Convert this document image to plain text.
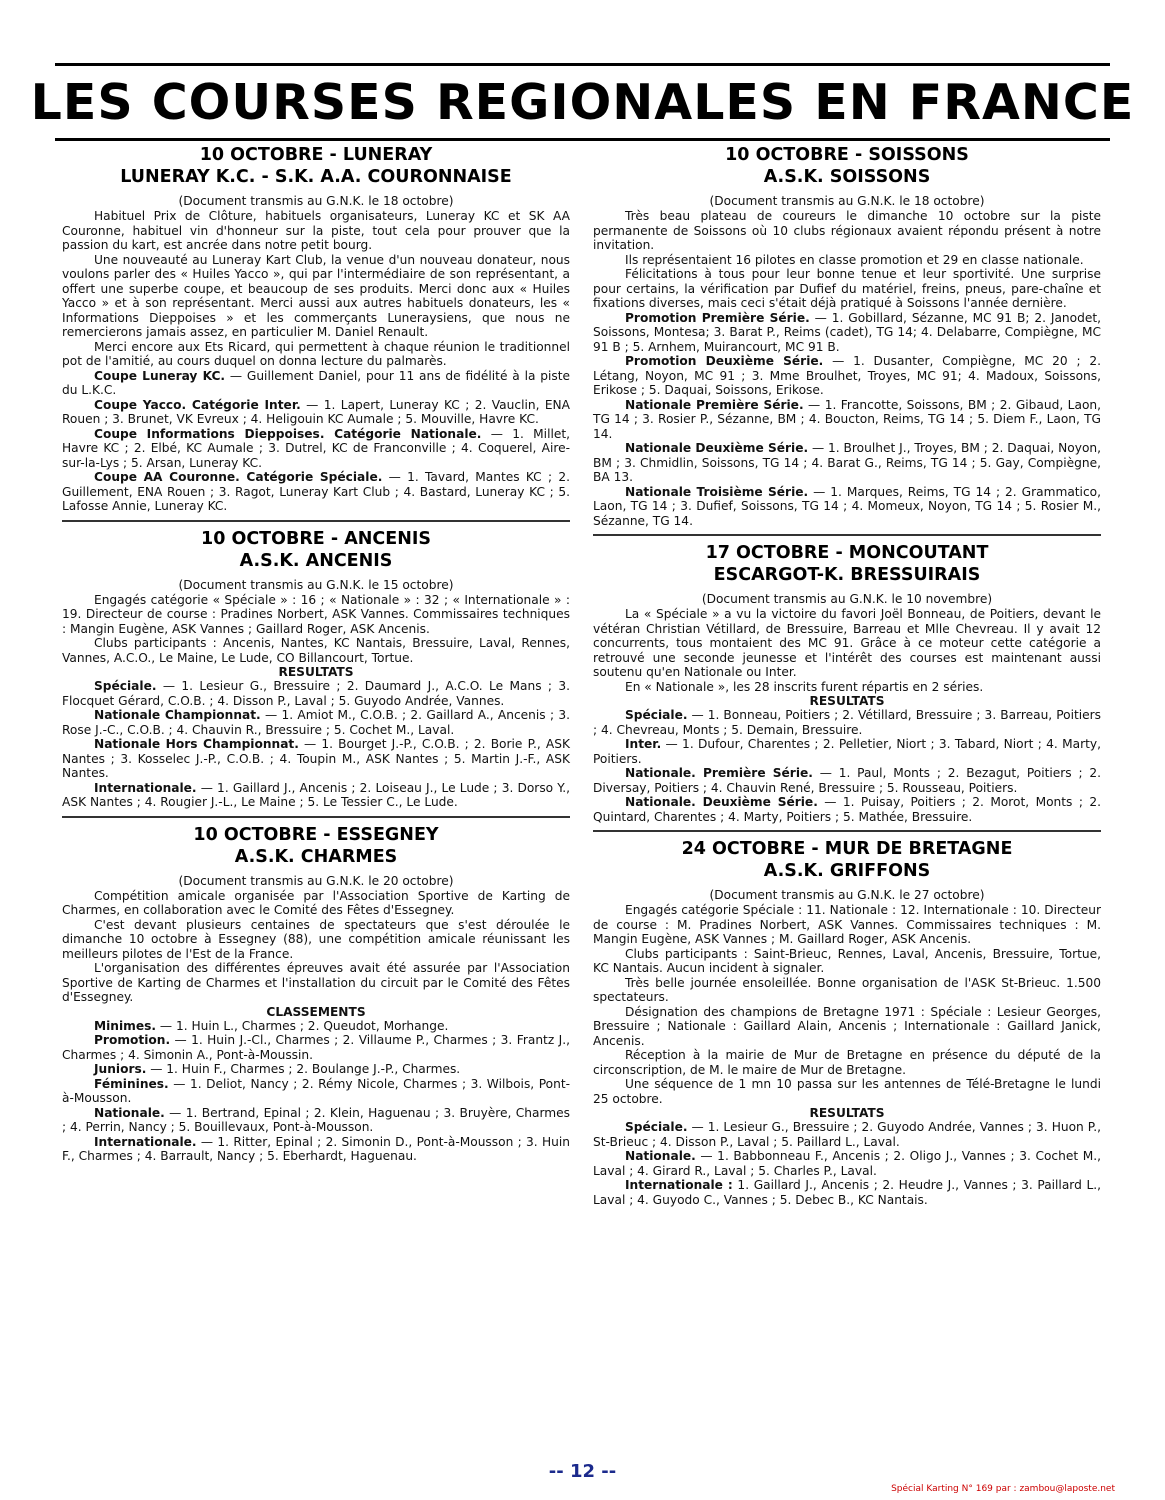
LES COURSES REGIONALES EN FRANCE
10 OCTOBRE - LUNERAY
LUNERAY K.C. - S.K. A.A. COURONNAISE
(Document transmis au G.N.K. le 18 octobre)

Habituel Prix de Clôture, habituels organisateurs, Luneray KC et SK AA Couronne, habituel vin d'honneur sur la piste, tout cela pour prouver que la passion du kart, est ancrée dans notre petit bourg.

Une nouveauté au Luneray Kart Club, la venue d'un nouveau donateur, nous voulons parler des « Huiles Yacco », qui par l'intermédiaire de son représentant, a offert une superbe coupe, et beaucoup de ses produits. Merci donc aux « Huiles Yacco » et à son représentant. Merci aussi aux autres habituels donateurs, les « Informations Dieppoises » et les commerçants Luneraysiens, que nous ne remercierons jamais assez, en particulier M. Daniel Renault.

Merci encore aux Ets Ricard, qui permettent à chaque réunion le traditionnel pot de l'amitié, au cours duquel on donna lecture du palmarès.

Coupe Luneray KC. — Guillement Daniel, pour 11 ans de fidélité à la piste du L.K.C.

Coupe Yacco. Catégorie Inter. — 1. Lapert, Luneray KC ; 2. Vauclin, ENA Rouen ; 3. Brunet, VK Evreux ; 4. Heligouin KC Aumale ; 5. Mouville, Havre KC.

Coupe Informations Dieppoises. Catégorie Nationale. — 1. Millet, Havre KC ; 2. Elbé, KC Aumale ; 3. Dutrel, KC de Franconville ; 4. Coquerel, Aire-sur-la-Lys ; 5. Arsan, Luneray KC.

Coupe AA Couronne. Catégorie Spéciale. — 1. Tavard, Mantes KC ; 2. Guillement, ENA Rouen ; 3. Ragot, Luneray Kart Club ; 4. Bastard, Luneray KC ; 5. Lafosse Annie, Luneray KC.

10 OCTOBRE - ANCENIS
A.S.K. ANCENIS
(Document transmis au G.N.K. le 15 octobre)

Engagés catégorie « Spéciale » : 16 ; « Nationale » : 32 ; « Internationale » : 19. Directeur de course : Pradines Norbert, ASK Vannes. Commissaires techniques : Mangin Eugène, ASK Vannes ; Gaillard Roger, ASK Ancenis.

Clubs participants : Ancenis, Nantes, KC Nantais, Bressuire, Laval, Rennes, Vannes, A.C.O., Le Maine, Le Lude, CO Billancourt, Tortue.

RESULTATS

Spéciale. — 1. Lesieur G., Bressuire ; 2. Daumard J., A.C.O. Le Mans ; 3. Flocquet Gérard, C.O.B. ; 4. Disson P., Laval ; 5. Guyodo Andrée, Vannes.

Nationale Championnat. — 1. Amiot M., C.O.B. ; 2. Gaillard A., Ancenis ; 3. Rose J.-C., C.O.B. ; 4. Chauvin R., Bressuire ; 5. Cochet M., Laval.

Nationale Hors Championnat. — 1. Bourget J.-P., C.O.B. ; 2. Borie P., ASK Nantes ; 3. Kosselec J.-P., C.O.B. ; 4. Toupin M., ASK Nantes ; 5. Martin J.-F., ASK Nantes.

Internationale. — 1. Gaillard J., Ancenis ; 2. Loiseau J., Le Lude ; 3. Dorso Y., ASK Nantes ; 4. Rougier J.-L., Le Maine ; 5. Le Tessier C., Le Lude.

10 OCTOBRE - ESSEGNEY
A.S.K. CHARMES
(Document transmis au G.N.K. le 20 octobre)

Compétition amicale organisée par l'Association Sportive de Karting de Charmes, en collaboration avec le Comité des Fêtes d'Essegney.

C'est devant plusieurs centaines de spectateurs que s'est déroulée le dimanche 10 octobre à Essegney (88), une compétition amicale réunissant les meilleurs pilotes de l'Est de la France.

L'organisation des différentes épreuves avait été assurée par l'Association Sportive de Karting de Charmes et l'installation du circuit par le Comité des Fêtes d'Essegney.

CLASSEMENTS

Minimes. — 1. Huin L., Charmes ; 2. Queudot, Morhange.

Promotion. — 1. Huin J.-Cl., Charmes ; 2. Villaume P., Charmes ; 3. Frantz J., Charmes ; 4. Simonin A., Pont-à-Moussin.

Juniors. — 1. Huin F., Charmes ; 2. Boulange J.-P., Charmes.

Féminines. — 1. Deliot, Nancy ; 2. Rémy Nicole, Charmes ; 3. Wilbois, Pont-à-Mousson.

Nationale. — 1. Bertrand, Epinal ; 2. Klein, Haguenau ; 3. Bruyère, Charmes ; 4. Perrin, Nancy ; 5. Bouillevaux, Pont-à-Mousson.

Internationale. — 1. Ritter, Epinal ; 2. Simonin D., Pont-à-Mousson ; 3. Huin F., Charmes ; 4. Barrault, Nancy ; 5. Eberhardt, Haguenau.

10 OCTOBRE - SOISSONS
A.S.K. SOISSONS
(Document transmis au G.N.K. le 18 octobre)

Très beau plateau de coureurs le dimanche 10 octobre sur la piste permanente de Soissons où 10 clubs régionaux avaient répondu présent à notre invitation.

Ils représentaient 16 pilotes en classe promotion et 29 en classe nationale.

Félicitations à tous pour leur bonne tenue et leur sportivité. Une surprise pour certains, la vérification par Dufief du matériel, freins, pneus, pare-chaîne et fixations diverses, mais ceci s'était déjà pratiqué à Soissons l'année dernière.

Promotion Première Série. — 1. Gobillard, Sézanne, MC 91 B; 2. Janodet, Soissons, Montesa; 3. Barat P., Reims (cadet), TG 14; 4. Delabarre, Compiègne, MC 91 B ; 5. Arnhem, Muirancourt, MC 91 B.

Promotion Deuxième Série. — 1. Dusanter, Compiègne, MC 20 ; 2. Létang, Noyon, MC 91 ; 3. Mme Broulhet, Troyes, MC 91; 4. Madoux, Soissons, Erikose ; 5. Daquai, Soissons, Erikose.

Nationale Première Série. — 1. Francotte, Soissons, BM ; 2. Gibaud, Laon, TG 14 ; 3. Rosier P., Sézanne, BM ; 4. Boucton, Reims, TG 14 ; 5. Diem F., Laon, TG 14.

Nationale Deuxième Série. — 1. Broulhet J., Troyes, BM ; 2. Daquai, Noyon, BM ; 3. Chmidlin, Soissons, TG 14 ; 4. Barat G., Reims, TG 14 ; 5. Gay, Compiègne, BA 13.

Nationale Troisième Série. — 1. Marques, Reims, TG 14 ; 2. Grammatico, Laon, TG 14 ; 3. Dufief, Soissons, TG 14 ; 4. Momeux, Noyon, TG 14 ; 5. Rosier M., Sézanne, TG 14.

17 OCTOBRE - MONCOUTANT
ESCARGOT-K. BRESSUIRAIS
(Document transmis au G.N.K. le 10 novembre)

La « Spéciale » a vu la victoire du favori Joël Bonneau, de Poitiers, devant le vétéran Christian Vétillard, de Bressuire, Barreau et Mlle Chevreau. Il y avait 12 concurrents, tous montaient des MC 91. Grâce à ce moteur cette catégorie a retrouvé une seconde jeunesse et l'intérêt des courses est maintenant aussi soutenu qu'en Nationale ou Inter.

En « Nationale », les 28 inscrits furent répartis en 2 séries.

RESULTATS

Spéciale. — 1. Bonneau, Poitiers ; 2. Vétillard, Bressuire ; 3. Barreau, Poitiers ; 4. Chevreau, Monts ; 5. Demain, Bressuire.

Inter. — 1. Dufour, Charentes ; 2. Pelletier, Niort ; 3. Tabard, Niort ; 4. Marty, Poitiers.

Nationale. Première Série. — 1. Paul, Monts ; 2. Bezagut, Poitiers ; 2. Diversay, Poitiers ; 4. Chauvin René, Bressuire ; 5. Rousseau, Poitiers.

Nationale. Deuxième Série. — 1. Puisay, Poitiers ; 2. Morot, Monts ; 2. Quintard, Charentes ; 4. Marty, Poitiers ; 5. Mathée, Bressuire.

24 OCTOBRE - MUR DE BRETAGNE
A.S.K. GRIFFONS
(Document transmis au G.N.K. le 27 octobre)

Engagés catégorie Spéciale : 11. Nationale : 12. Internationale : 10. Directeur de course : M. Pradines Norbert, ASK Vannes. Commissaires techniques : M. Mangin Eugène, ASK Vannes ; M. Gaillard Roger, ASK Ancenis.

Clubs participants : Saint-Brieuc, Rennes, Laval, Ancenis, Bressuire, Tortue, KC Nantais. Aucun incident à signaler.

Très belle journée ensoleillée. Bonne organisation de l'ASK St-Brieuc. 1.500 spectateurs.

Désignation des champions de Bretagne 1971 : Spéciale : Lesieur Georges, Bressuire ; Nationale : Gaillard Alain, Ancenis ; Internationale : Gaillard Janick, Ancenis.

Réception à la mairie de Mur de Bretagne en présence du député de la circonscription, de M. le maire de Mur de Bretagne.

Une séquence de 1 mn 10 passa sur les antennes de Télé-Bretagne le lundi 25 octobre.

RESULTATS

Spéciale. — 1. Lesieur G., Bressuire ; 2. Guyodo Andrée, Vannes ; 3. Huon P., St-Brieuc ; 4. Disson P., Laval ; 5. Paillard L., Laval.

Nationale. — 1. Babbonneau F., Ancenis ; 2. Oligo J., Vannes ; 3. Cochet M., Laval ; 4. Girard R., Laval ; 5. Charles P., Laval.

Internationale : 1. Gaillard J., Ancenis ; 2. Heudre J., Vannes ; 3. Paillard L., Laval ; 4. Guyodo C., Vannes ; 5. Debec B., KC Nantais.

-- 12 --
Spécial Karting N° 169 par : zambou@laposte.net
